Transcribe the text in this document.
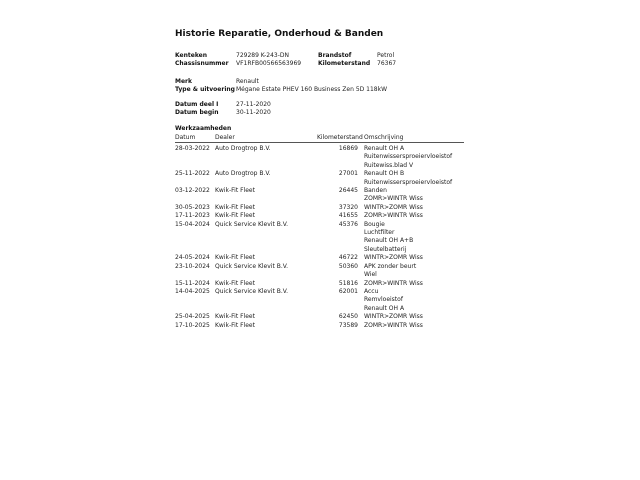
Historie Reparatie, Onderhoud & Banden
Kenteken	729289 K-243-DN
Chassisnummer VF1RFB00566563969
Brandstof	Petrol
Kilometerstand 76367
Merk	Renault
Type & uitvoering Mégane Estate PHEV 160 Business Zen 5D 118kW
Datum deel I	27-11-2020
Datum begin	30-11-2020
Werkzaamheden
Datum	Dealer	Kilometerstand Omschrijving
28-03-2022 Auto Drogtrop B.V.	16869 Renault OH A
Ruitenwissersproeiervloeistof
Ruitewiss.blad V
25-11-2022 Auto Drogtrop B.V.	27001 Renault OH B
Ruitenwissersproeiervloeistof
03-12-2022 Kwik-Fit Fleet	26445 Banden
ZOMR>WINTR Wiss
30-05-2023 Kwik-Fit Fleet	37320 WINTR>ZOMR Wiss
17-11-2023 Kwik-Fit Fleet	41655 ZOMR>WINTR Wiss
15-04-2024 Quick Service Klevit B.V.	45376 Bougie
Luchtfilter
Renault OH A+B
Sleutelbatterij
24-05-2024 Kwik-Fit Fleet	46722 WINTR>ZOMR Wiss
23-10-2024 Quick Service Klevit B.V.	50360 APK zonder beurt
Wiel
15-11-2024 Kwik-Fit Fleet	51816 ZOMR>WINTR Wiss
14-04-2025 Quick Service Klevit B.V.	62001 Accu
Remvloeistof
Renault OH A
25-04-2025 Kwik-Fit Fleet	62450 WINTR>ZOMR Wiss
17-10-2025 Kwik-Fit Fleet	73589 ZOMR>WINTR Wiss
